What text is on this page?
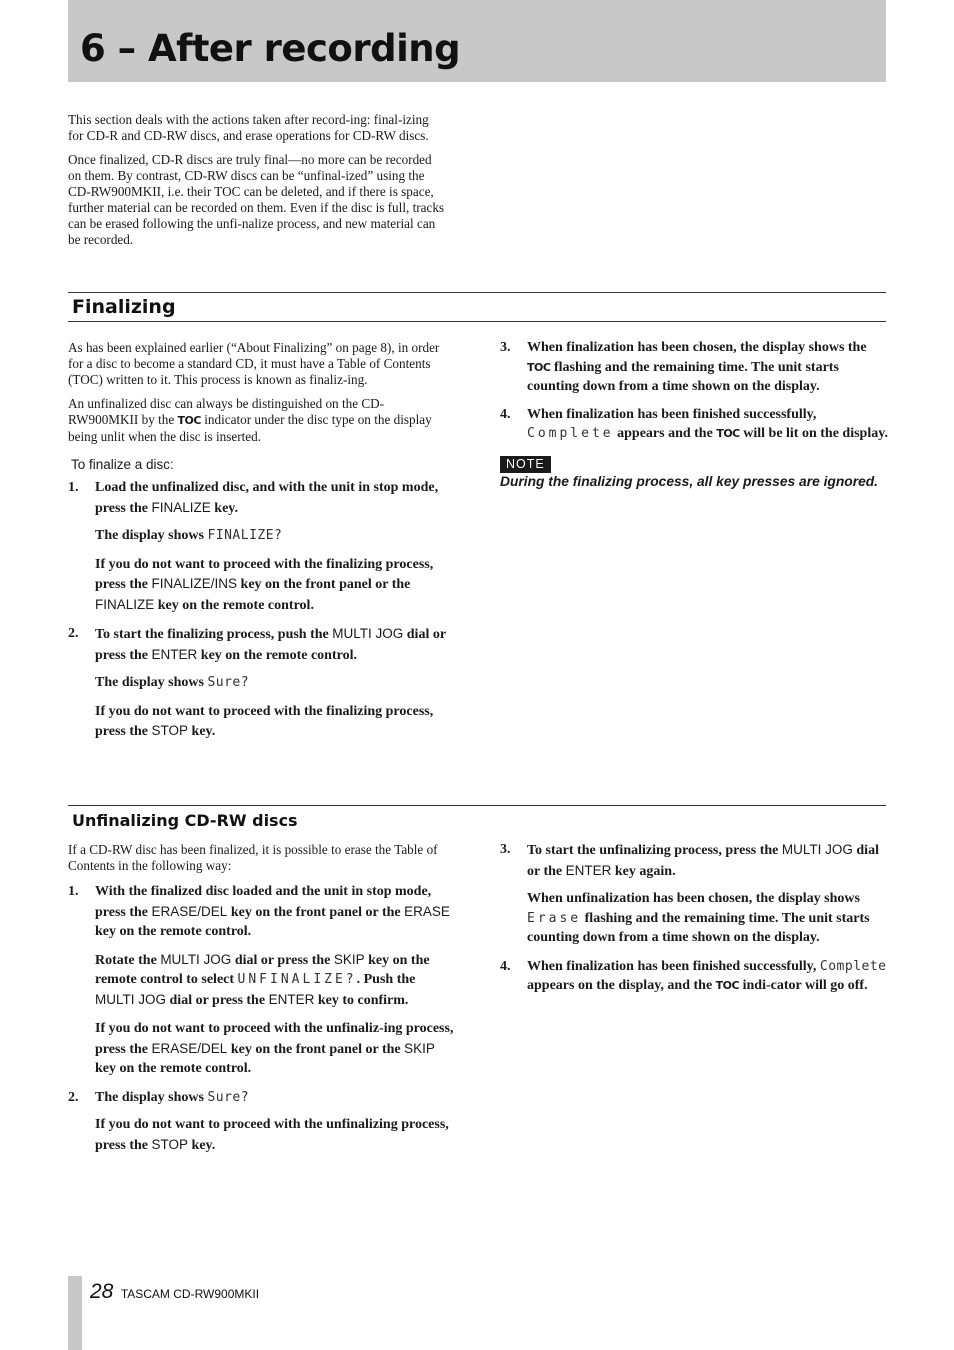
6 – After recording

This section deals with the actions taken after record-ing: final-izing for CD-R and CD-RW discs, and erase operations for CD-RW discs.

Once finalized, CD-R discs are truly final—no more can be recorded on them. By contrast, CD-RW discs can be “unfinal-ized” using the CD-RW900MKII, i.e. their TOC can be deleted, and if there is space, further material can be recorded on them. Even if the disc is full, tracks can be erased following the unfi-nalize process, and new material can be recorded.

Finalizing

As has been explained earlier (“About Finalizing” on page 8), in order for a disc to become a standard CD, it must have a Table of Contents (TOC) written to it. This process is known as finaliz-ing.

An unfinalized disc can always be distinguished on the CD-RW900MKII by the TOC indicator under the disc type on the display being unlit when the disc is inserted.

To finalize a disc:
1. Load the unfinalized disc, and with the unit in stop mode, press the FINALIZE key.
The display shows FINALIZE?
If you do not want to proceed with the finalizing process, press the FINALIZE/INS key on the front panel or the FINALIZE key on the remote control.
2. To start the finalizing process, push the MULTI JOG dial or press the ENTER key on the remote control.
The display shows Sure?
If you do not want to proceed with the finalizing process, press the STOP key.
3. When finalization has been chosen, the display shows the TOC flashing and the remaining time. The unit starts counting down from a time shown on the display.
4. When finalization has been finished successfully, Complete appears and the TOC will be lit on the display.
NOTE

During the finalizing process, all key presses are ignored.

Unfinalizing CD-RW discs

If a CD-RW disc has been finalized, it is possible to erase the Table of Contents in the following way:

1. With the finalized disc loaded and the unit in stop mode, press the ERASE/DEL key on the front panel or the ERASE key on the remote control.
Rotate the MULTI JOG dial or press the SKIP key on the remote control to select UNFINALIZE?. Push the MULTI JOG dial or press the ENTER key to confirm.
If you do not want to proceed with the unfinaliz-ing process, press the ERASE/DEL key on the front panel or the SKIP key on the remote control.
2. The display shows Sure?
If you do not want to proceed with the unfinalizing process, press the STOP key.
3. To start the unfinalizing process, press the MULTI JOG dial or the ENTER key again.
When unfinalization has been chosen, the display shows Erase flashing and the remaining time. The unit starts counting down from a time shown on the display.
4. When finalization has been finished successfully, Complete appears on the display, and the TOC indi-cator will go off.
28 TASCAM CD-RW900MKII
